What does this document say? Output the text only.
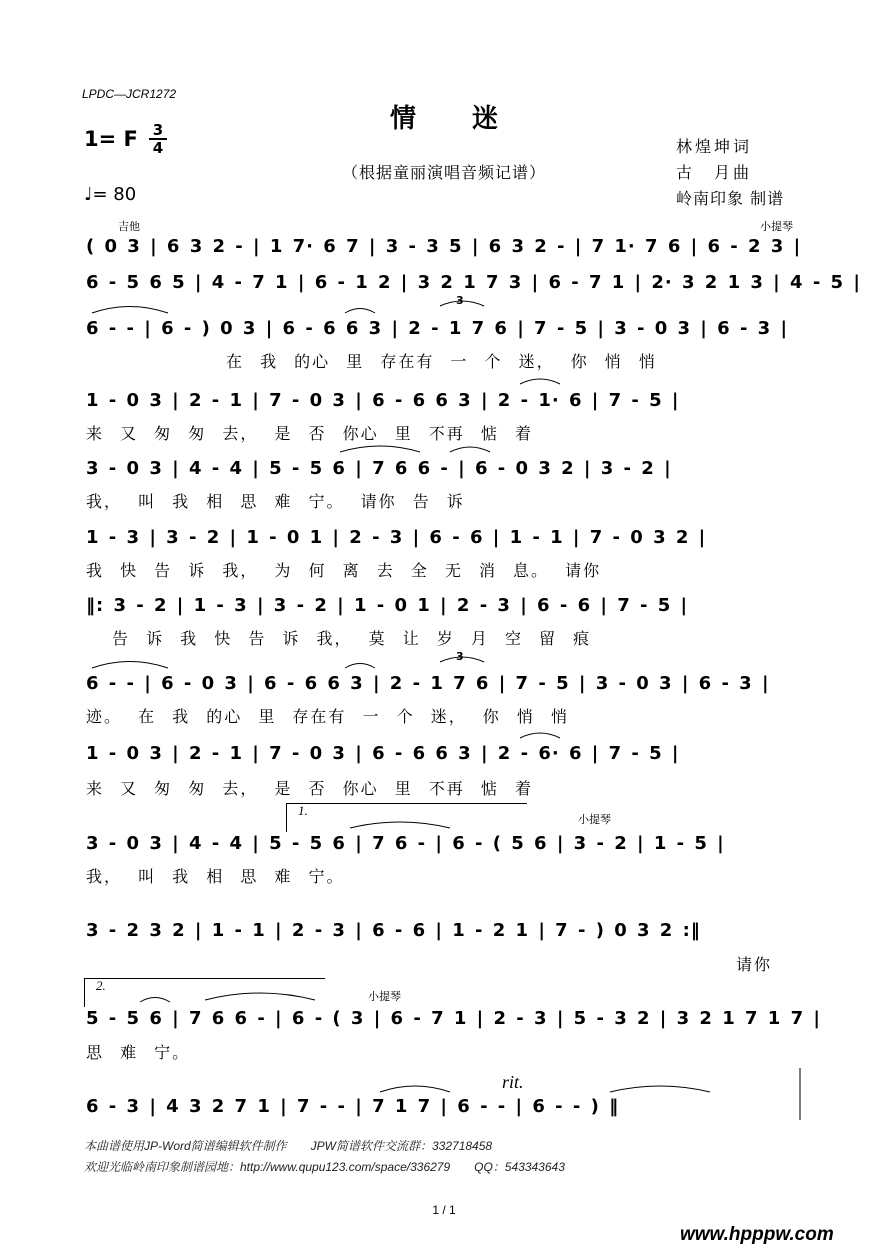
LPDC—JCR1272
情迷
1= F 3
4
（根据童丽演唱音频记谱）
♩= 80
林煌坤词
古　月曲
岭南印象 制谱
吉他	小提琴
小提琴
小提琴
( 0 3 | 6 3 2 - | 1 7· 6 7 | 3 - 3 5 | 6 3 2 - | 7 1· 7 6 | 6 - 2 3 |
6 - 5 6 5 | 4 - 7 1 | 6 - 1 2 | 3 2 1 7 3 | 6 - 7 1 | 2· 3 2 1 3 | 4 - 5 |
6 - - | 6 - ) 0 3 | 6 - 6 6 3 | 2 - 1 7 6 | 7 - 5 | 3 - 0 3 | 6 - 3 |
在 我 的心 里 存在有 一 个 迷， 你 悄 悄
1 - 0 3 | 2 - 1 | 7 - 0 3 | 6 - 6 6 3 | 2 - 1· 6 | 7 - 5 |
来 又 匆 匆 去， 是 否 你心 里 不再 惦 着
3 - 0 3 | 4 - 4 | 5 - 5 6 | 7 6 6 - | 6 - 0 3 2 | 3 - 2 |
我， 叫 我 相 思 难 宁。 请你 告 诉
1 - 3 | 3 - 2 | 1 - 0 1 | 2 - 3 | 6 - 6 | 1 - 1 | 7 - 0 3 2 |
我 快 告 诉 我， 为 何 离 去 全 无 消 息。 请你
‖: 3 - 2 | 1 - 3 | 3 - 2 | 1 - 0 1 | 2 - 3 | 6 - 6 | 7 - 5 |
告 诉 我 快 告 诉 我， 莫 让 岁 月 空 留 痕
6 - - | 6 - 0 3 | 6 - 6 6 3 | 2 - 1 7 6 | 7 - 5 | 3 - 0 3 | 6 - 3 |
迹。 在 我 的心 里 存在有 一 个 迷， 你 悄 悄
1 - 0 3 | 2 - 1 | 7 - 0 3 | 6 - 6 6 3 | 2 - 6· 6 | 7 - 5 |
来 又 匆 匆 去， 是 否 你心 里 不再 惦 着
1.
3 - 0 3 | 4 - 4 | 5 - 5 6 | 7 6 - | 6 - ( 5 6 | 3 - 2 | 1 - 5 |
我， 叫 我 相 思 难 宁。
3 - 2 3 2 | 1 - 1 | 2 - 3 | 6 - 6 | 1 - 2 1 | 7 - ) 0 3 2 :‖
请你
2.
5 - 5 6 | 7 6 6 - | 6 - ( 3 | 6 - 7 1 | 2 - 3 | 5 - 3 2 | 3 2 1 7 1 7 |
思 难 宁。
rit.
6 - 3 | 4 3 2 7 1 | 7 - - | 7 1 7 | 6 - - | 6 - - ) ‖
3
3
本曲谱使用JP-Word简谱编辑软件制作　　JPW简谱软件交流群：332718458
欢迎光临岭南印象制谱园地：http://www.qupu123.com/space/336279　　QQ：543343643
1 / 1
www.hpppw.com
